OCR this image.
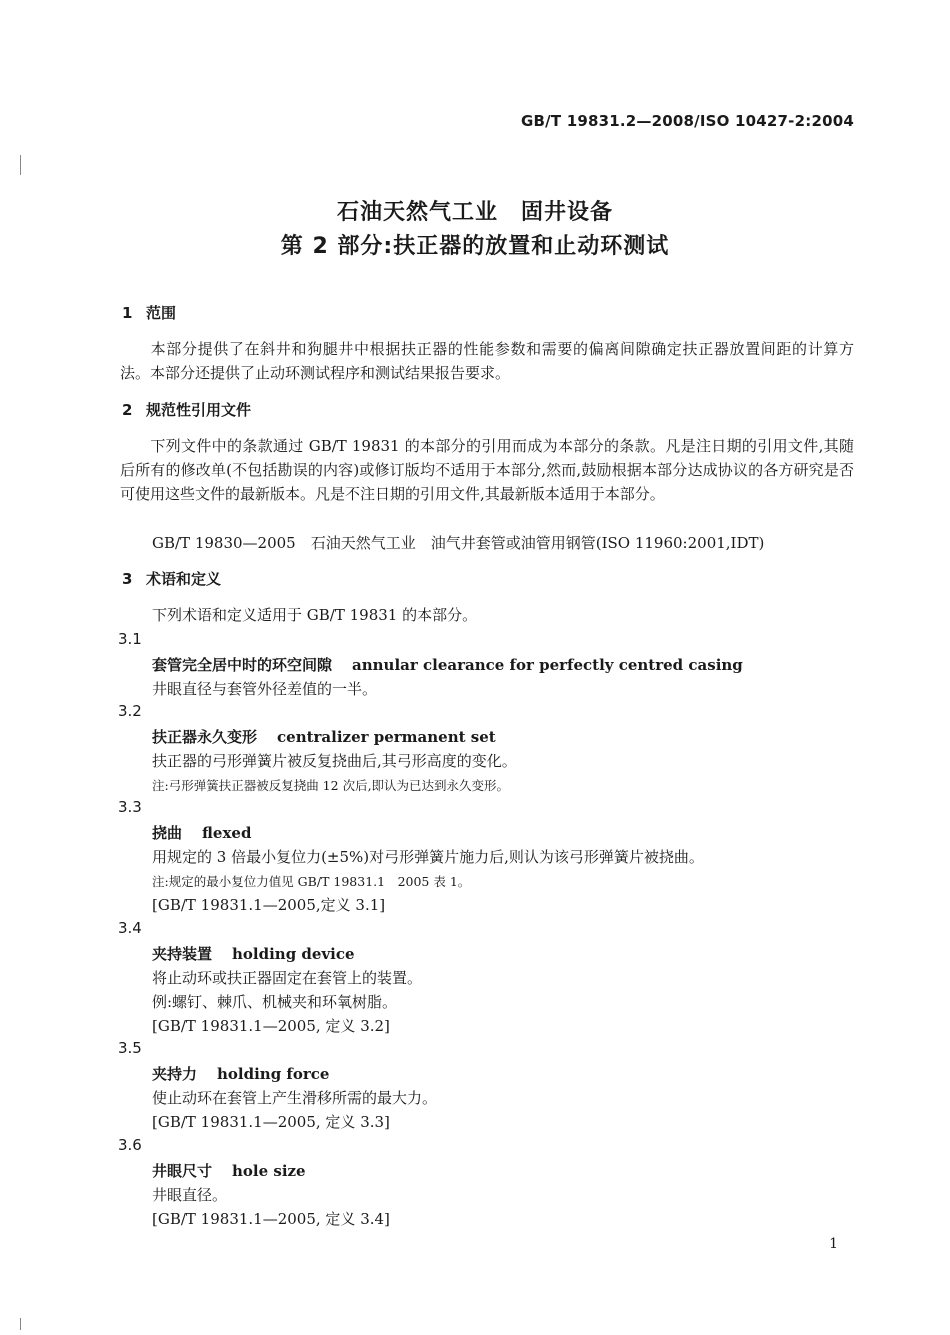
GB/T 19831.2—2008/ISO 10427-2:2004
石油天然气工业　固井设备
第 2 部分:扶正器的放置和止动环测试
1 范围
本部分提供了在斜井和狗腿井中根据扶正器的性能参数和需要的偏离间隙确定扶正器放置间距的计算方法。本部分还提供了止动环测试程序和测试结果报告要求。
2 规范性引用文件
下列文件中的条款通过 GB/T 19831 的本部分的引用而成为本部分的条款。凡是注日期的引用文件,其随后所有的修改单(不包括勘误的内容)或修订版均不适用于本部分,然而,鼓励根据本部分达成协议的各方研究是否可使用这些文件的最新版本。凡是不注日期的引用文件,其最新版本适用于本部分。
GB/T 19830—2005　石油天然气工业　油气井套管或油管用钢管(ISO 11960:2001,IDT)
3 术语和定义
下列术语和定义适用于 GB/T 19831 的本部分。
3.1
套管完全居中时的环空间隙 annular clearance for perfectly centred casing
井眼直径与套管外径差值的一半。
3.2
扶正器永久变形 centralizer permanent set
扶正器的弓形弹簧片被反复挠曲后,其弓形高度的变化。
注:弓形弹簧扶正器被反复挠曲 12 次后,即认为已达到永久变形。
3.3
挠曲 flexed
用规定的 3 倍最小复位力(±5%)对弓形弹簧片施力后,则认为该弓形弹簧片被挠曲。
注:规定的最小复位力值见 GB/T 19831.1　2005 表 1。
[GB/T 19831.1—2005,定义 3.1]
3.4
夹持装置 holding device
将止动环或扶正器固定在套管上的装置。
例:螺钉、棘爪、机械夹和环氧树脂。
[GB/T 19831.1—2005, 定义 3.2]
3.5
夹持力 holding force
使止动环在套管上产生滑移所需的最大力。
[GB/T 19831.1—2005, 定义 3.3]
3.6
井眼尺寸 hole size
井眼直径。
[GB/T 19831.1—2005, 定义 3.4]
1
